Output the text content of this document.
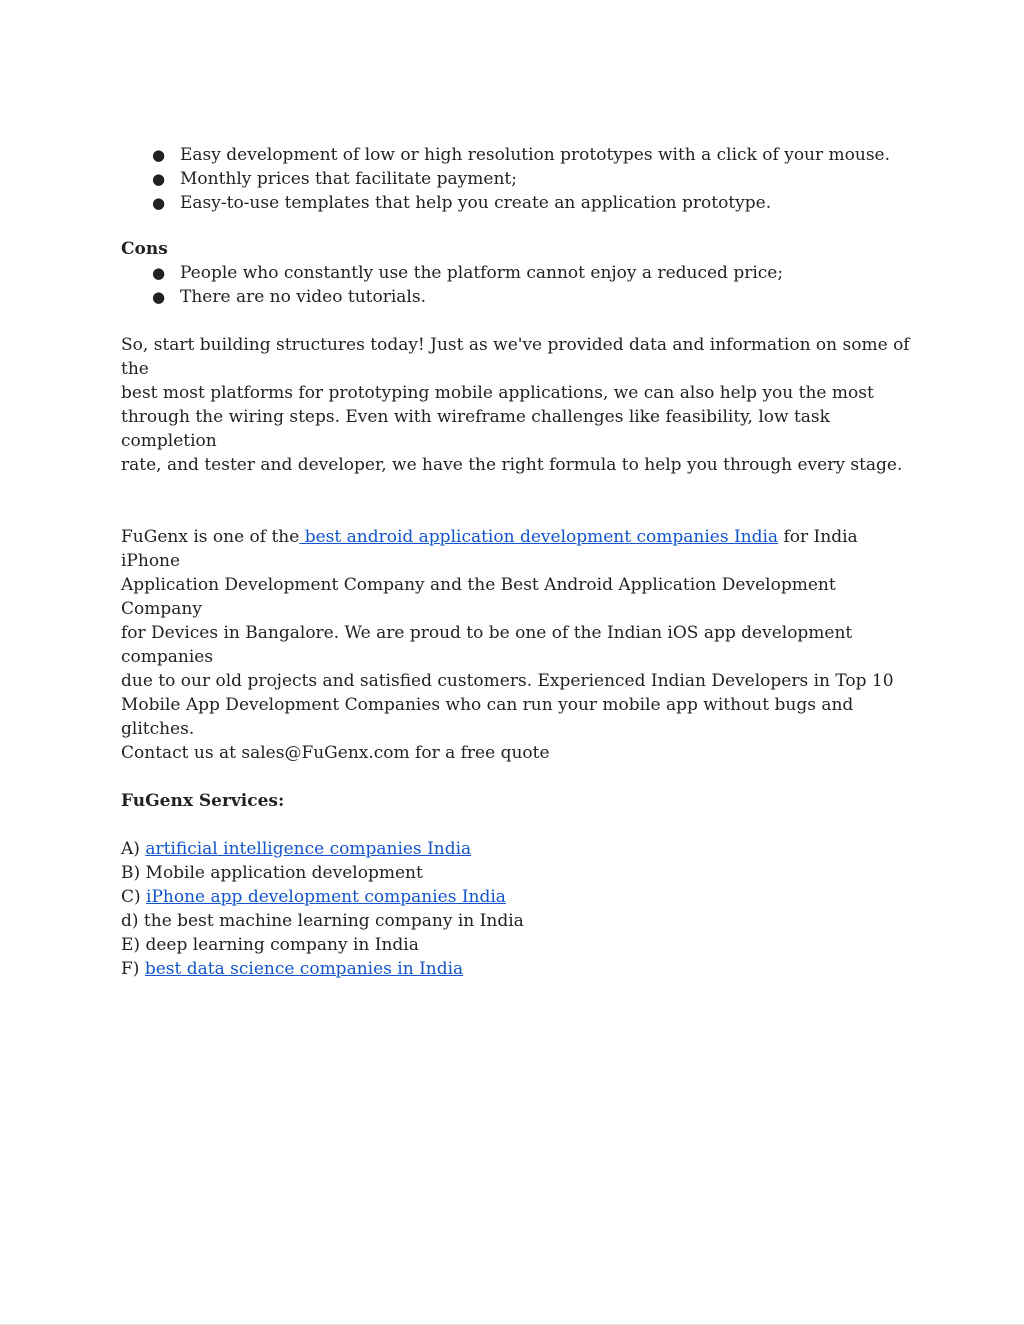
● Easy development of low or high resolution prototypes with a click of your mouse.
● Monthly prices that facilitate payment;
● Easy-to-use templates that help you create an application prototype.

Cons

● People who constantly use the platform cannot enjoy a reduced price;
● There are no video tutorials.
So, start building structures today! Just as we've provided data and information on some of the
best most platforms for prototyping mobile applications, we can also help you the most
through the wiring steps. Even with wireframe challenges like feasibility, low task completion
rate, and tester and developer, we have the right formula to help you through every stage.
FuGenx is one of the best android application development companies India for India iPhone
Application Development Company and the Best Android Application Development Company
for Devices in Bangalore. We are proud to be one of the Indian iOS app development companies
due to our old projects and satisfied customers. Experienced Indian Developers in Top 10
Mobile App Development Companies who can run your mobile app without bugs and glitches.
Contact us at sales@FuGenx.com for a free quote

FuGenx Services:

A) artificial intelligence companies India
B) Mobile application development
C) iPhone app development companies India
d) the best machine learning company in India
E) deep learning company in India
F) best data science companies in India
